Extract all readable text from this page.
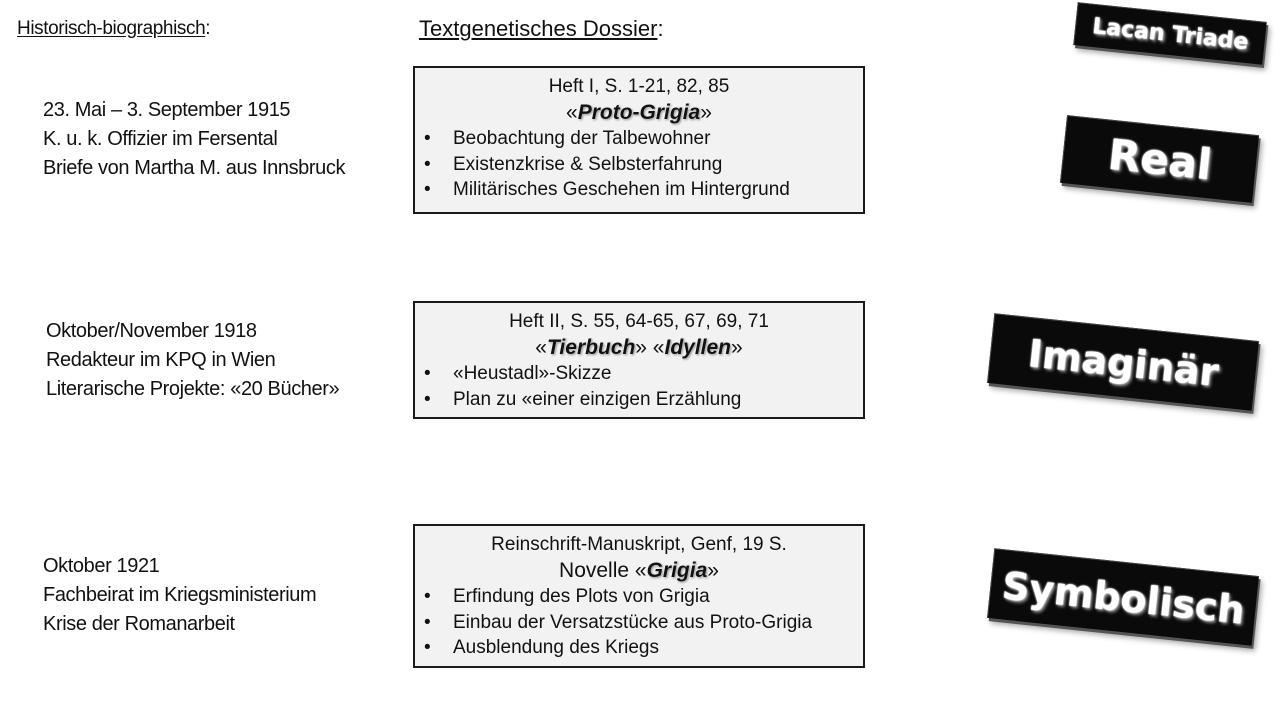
Historisch-biographisch:	Textgenetisches Dossier:
23. Mai – 3. September 1915
K. u. k. Offizier im Fersental
Briefe von Martha M. aus Innsbruck
Oktober/November 1918
Redakteur im KPQ in Wien
Literarische Projekte: «20 Bücher»
Oktober 1921
Fachbeirat im Kriegsministerium
Krise der Romanarbeit
Heft I, S. 1-21, 82, 85
«Proto-Grigia»
• Beobachtung der Talbewohner
• Existenzkrise & Selbsterfahrung
• Militärisches Geschehen im Hintergrund
Heft II, S. 55, 64-65, 67, 69, 71
«Tierbuch» «Idyllen»
• «Heustadl»-Skizze
• Plan zu «einer einzigen Erzählung
Reinschrift-Manuskript, Genf, 19 S.
Novelle «Grigia»
• Erfindung des Plots von Grigia
• Einbau der Versatzstücke aus Proto-Grigia
• Ausblendung des Kriegs
Lacan Triade
Real
Imaginär
Symbolisch
